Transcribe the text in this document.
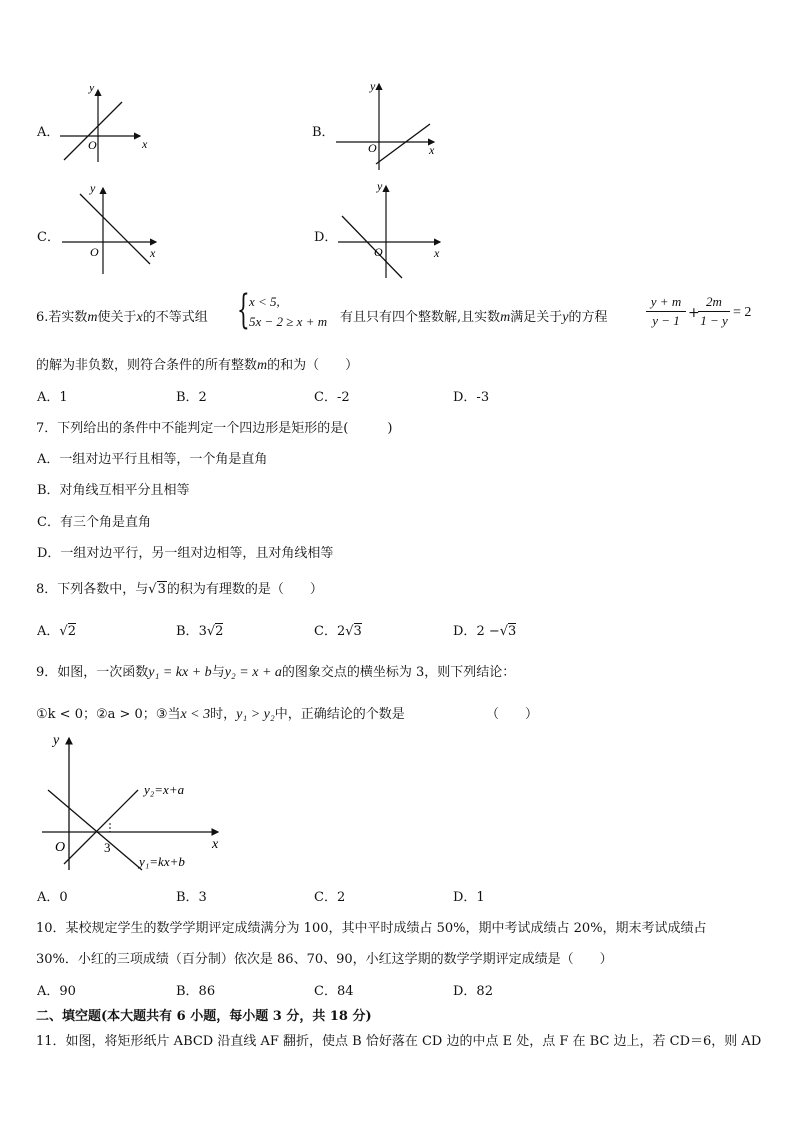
A．
y
x
O
B．
y
x
O
C．
y
x
O
D．
y
x
O
6.若实数m使关于x的不等式组 { x < 5,
5x − 2 ≥ x + m 有且只有四个整数解,且实数m满足关于y的方程
y + m
y − 1 +
2m
1 − y
= 2
的解为非负数，则符合条件的所有整数m的和为（　　）
A．1	B．2	C．-2	D．-3
7．下列给出的条件中不能判定一个四边形是矩形的是(　　　)
A．一组对边平行且相等，一个角是直角
B．对角线互相平分且相等
C．有三个角是直角
D．一组对边平行，另一组对边相等，且对角线相等
8．下列各数中，与√3的积为有理数的是（　　）
A．√2	B．3√2	C．2√3	D．2 −√3
9．如图，一次函数y₁ = kx + b与y₂ = x + a的图象交点的横坐标为 3，则下列结论：
①k < 0；②a > 0；③当x < 3时，y₁ > y₂中，正确结论的个数是	（　　）
y
x
O	3
y₂=x+a
y₁=kx+b
A．0	B．3	C．2	D．1
10．某校规定学生的数学学期评定成绩满分为 100，其中平时成绩占 50%，期中考试成绩占 20%，期末考试成绩占
30%．小红的三项成绩（百分制）依次是 86、70、90，小红这学期的数学学期评定成绩是（　　）
A．90	B．86	C．84	D．82
二、填空题(本大题共有 6 小题，每小题 3 分，共 18 分)
11．如图，将矩形纸片 ABCD 沿直线 AF 翻折，使点 B 恰好落在 CD 边的中点 E 处，点 F 在 BC 边上，若 CD＝6，则 AD
